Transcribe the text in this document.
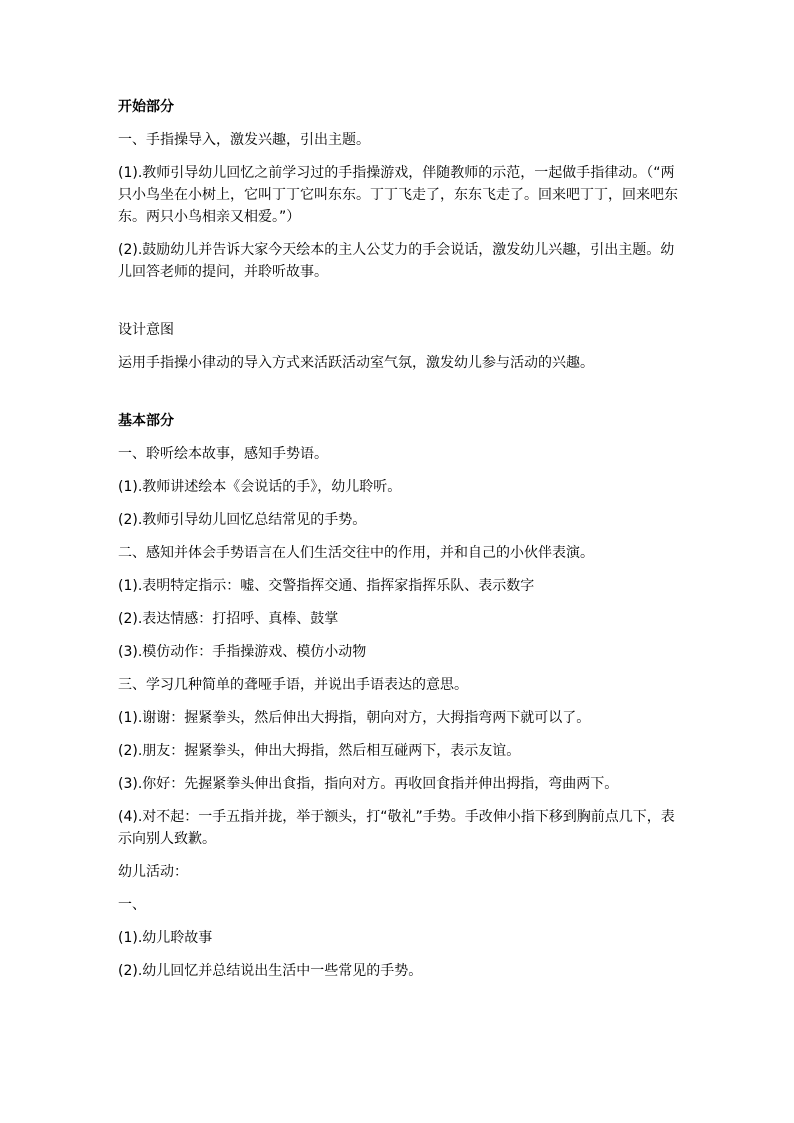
开始部分
一、手指操导入，激发兴趣，引出主题。
(1).教师引导幼儿回忆之前学习过的手指操游戏，伴随教师的示范，一起做手指律动。（“两只小鸟坐在小树上，它叫丁丁它叫东东。丁丁飞走了，东东飞走了。回来吧丁丁，回来吧东东。两只小鸟相亲又相爱。”）
(2).鼓励幼儿并告诉大家今天绘本的主人公艾力的手会说话，激发幼儿兴趣，引出主题。幼儿回答老师的提问，并聆听故事。
设计意图
运用手指操小律动的导入方式来活跃活动室气氛，激发幼儿参与活动的兴趣。
基本部分
一、聆听绘本故事，感知手势语。
(1).教师讲述绘本《会说话的手》，幼儿聆听。
(2).教师引导幼儿回忆总结常见的手势。
二、感知并体会手势语言在人们生活交往中的作用，并和自己的小伙伴表演。
(1).表明特定指示：嘘、交警指挥交通、指挥家指挥乐队、表示数字
(2).表达情感：打招呼、真棒、鼓掌
(3).模仿动作：手指操游戏、模仿小动物
三、学习几种简单的聋哑手语，并说出手语表达的意思。
(1).谢谢：握紧拳头，然后伸出大拇指，朝向对方，大拇指弯两下就可以了。
(2).朋友：握紧拳头，伸出大拇指，然后相互碰两下，表示友谊。
(3).你好：先握紧拳头伸出食指，指向对方。再收回食指并伸出拇指，弯曲两下。
(4).对不起：一手五指并拢，举于额头，打“敬礼”手势。手改伸小指下移到胸前点几下，表示向别人致歉。
幼儿活动：
一、
(1).幼儿聆故事
(2).幼儿回忆并总结说出生活中一些常见的手势。
